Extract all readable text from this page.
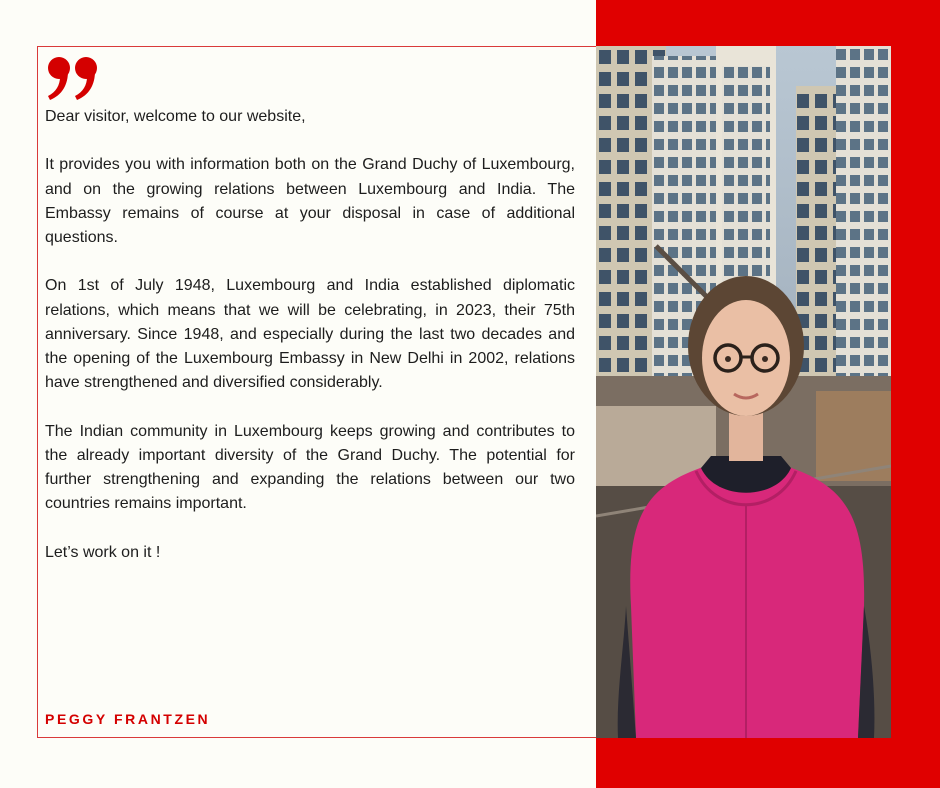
Dear visitor, welcome to our website,

It provides you with information both on the Grand Duchy of Luxembourg, and on the growing relations between Luxembourg and India. The Embassy remains of course at your disposal in case of additional questions.

On 1st of July 1948, Luxembourg and India established diplomatic relations, which means that we will be celebrating, in 2023, their 75th anniversary. Since 1948, and especially during the last two decades and the opening of the Luxembourg Embassy in New Delhi in 2002, relations have strengthened and diversified considerably.

The Indian community in Luxembourg keeps growing and contributes to the already important diversity of the Grand Duchy. The potential for further strengthening and expanding the relations between our two countries remains important.

Let’s work on it !

PEGGY FRANTZEN
